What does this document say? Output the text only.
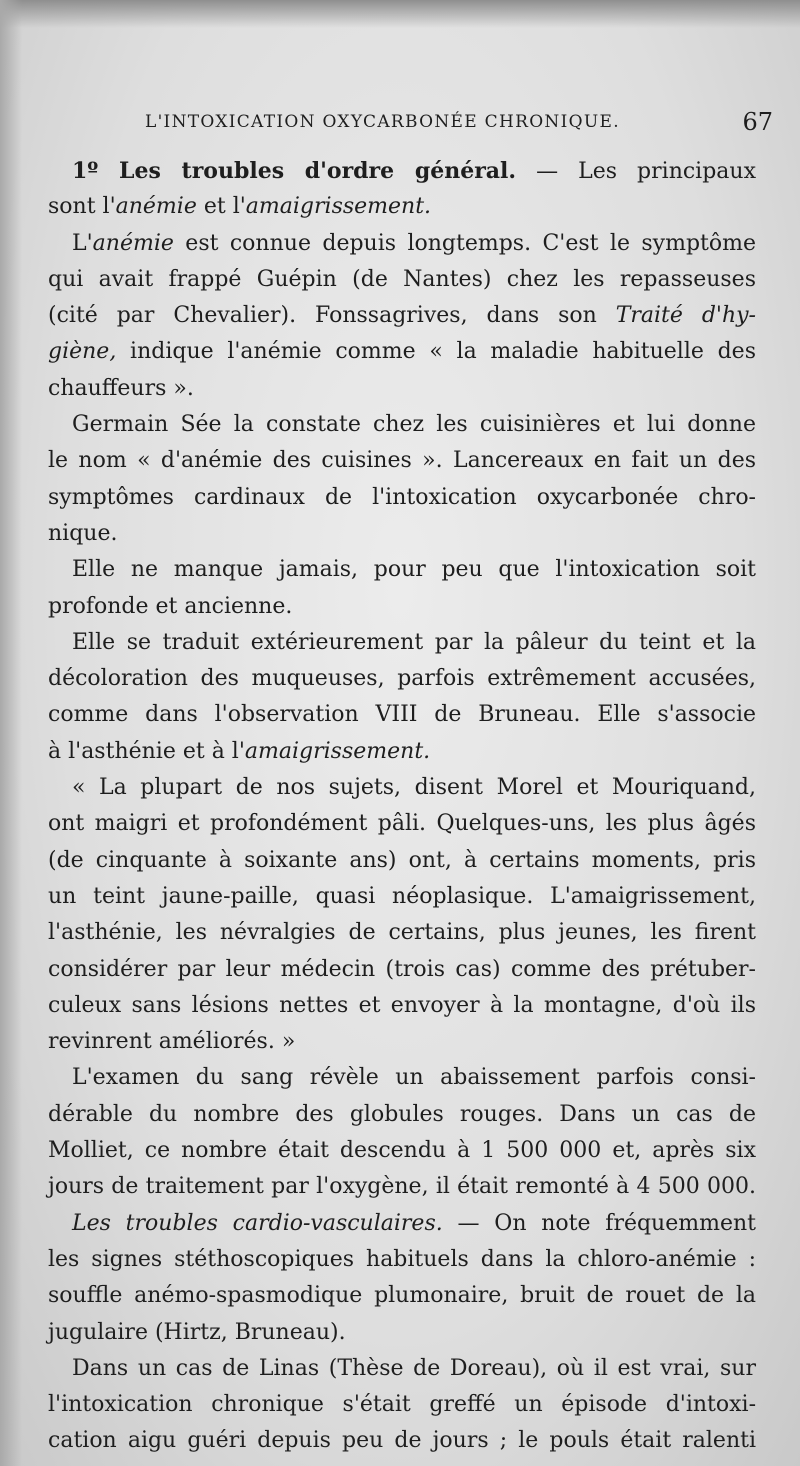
L'INTOXICATION OXYCARBONÉE CHRONIQUE.	67
1º Les troubles d'ordre général. — Les principaux
sont l'anémie et l'amaigrissement.
L'anémie est connue depuis longtemps. C'est le symptôme
qui avait frappé Guépin (de Nantes) chez les repasseuses
(cité par Chevalier). Fonssagrives, dans son Traité d'hy-
giène, indique l'anémie comme « la maladie habituelle des
chauffeurs ».
Germain Sée la constate chez les cuisinières et lui donne
le nom « d'anémie des cuisines ». Lancereaux en fait un des
symptômes cardinaux de l'intoxication oxycarbonée chro-
nique.
Elle ne manque jamais, pour peu que l'intoxication soit
profonde et ancienne.
Elle se traduit extérieurement par la pâleur du teint et la
décoloration des muqueuses, parfois extrêmement accusées,
comme dans l'observation VIII de Bruneau. Elle s'associe
à l'asthénie et à l'amaigrissement.
« La plupart de nos sujets, disent Morel et Mouriquand,
ont maigri et profondément pâli. Quelques-uns, les plus âgés
(de cinquante à soixante ans) ont, à certains moments, pris
un teint jaune-paille, quasi néoplasique. L'amaigrissement,
l'asthénie, les névralgies de certains, plus jeunes, les firent
considérer par leur médecin (trois cas) comme des prétuber-
culeux sans lésions nettes et envoyer à la montagne, d'où ils
revinrent améliorés. »
L'examen du sang révèle un abaissement parfois consi-
dérable du nombre des globules rouges. Dans un cas de
Molliet, ce nombre était descendu à 1 500 000 et, après six
jours de traitement par l'oxygène, il était remonté à 4 500 000.
Les troubles cardio-vasculaires. — On note fréquemment
les signes stéthoscopiques habituels dans la chloro-anémie :
souffle anémo-spasmodique plumonaire, bruit de rouet de la
jugulaire (Hirtz, Bruneau).
Dans un cas de Linas (Thèse de Doreau), où il est vrai, sur
l'intoxication chronique s'était greffé un épisode d'intoxi-
cation aigu guéri depuis peu de jours ; le pouls était ralenti
